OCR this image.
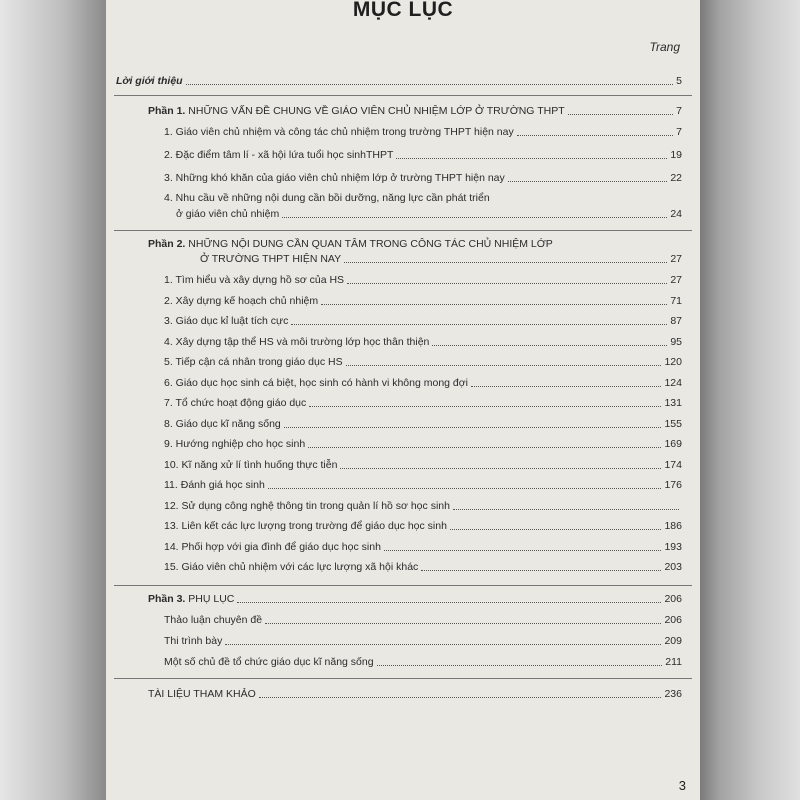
MỤC LỤC
Trang
Lời giới thiệu	5
Phần 1. NHỮNG VẤN ĐỀ CHUNG VỀ GIÁO VIÊN CHỦ NHIỆM LỚP Ở TRƯỜNG THPT	7
1. Giáo viên chủ nhiệm và công tác chủ nhiệm trong trường THPT hiện nay	7
2. Đặc điểm tâm lí - xã hội lứa tuổi học sinhTHPT	19
3. Những khó khăn của giáo viên chủ nhiệm lớp ở trường THPT hiện nay	22
4. Nhu cầu về những nội dung cần bồi dưỡng, năng lực cần phát triển
ở giáo viên chủ nhiệm	24
Phần 2. NHỮNG NỘI DUNG CẦN QUAN TÂM TRONG CÔNG TÁC CHỦ NHIỆM LỚP
Ở TRƯỜNG THPT HIỆN NAY	27
1. Tìm hiểu và xây dựng hồ sơ của HS	27
2. Xây dựng kế hoạch chủ nhiệm	71
3. Giáo dục kỉ luật tích cực	87
4. Xây dựng tập thể HS và môi trường lớp học thân thiện	95
5. Tiếp cận cá nhân trong giáo dục HS	120
6. Giáo dục học sinh cá biệt, học sinh có hành vi không mong đợi	124
7. Tổ chức hoạt động giáo dục	131
8. Giáo dục kĩ năng sống	155
9. Hướng nghiệp cho học sinh	169
10. Kĩ năng xử lí tình huống thực tiễn	174
11. Đánh giá học sinh	176
12. Sử dụng công nghệ thông tin trong quản lí hồ sơ học sinh
13. Liên kết các lực lượng trong trường để giáo dục học sinh	186
14. Phối hợp với gia đình để giáo dục học sinh	193
15. Giáo viên chủ nhiệm với các lực lượng xã hội khác	203
Phần 3. PHỤ LỤC	206
Thảo luận chuyên đề	206
Thi trình bày	209
Một số chủ đề tổ chức giáo dục kĩ năng sống	211
TÀI LIỆU THAM KHẢO	236
3
